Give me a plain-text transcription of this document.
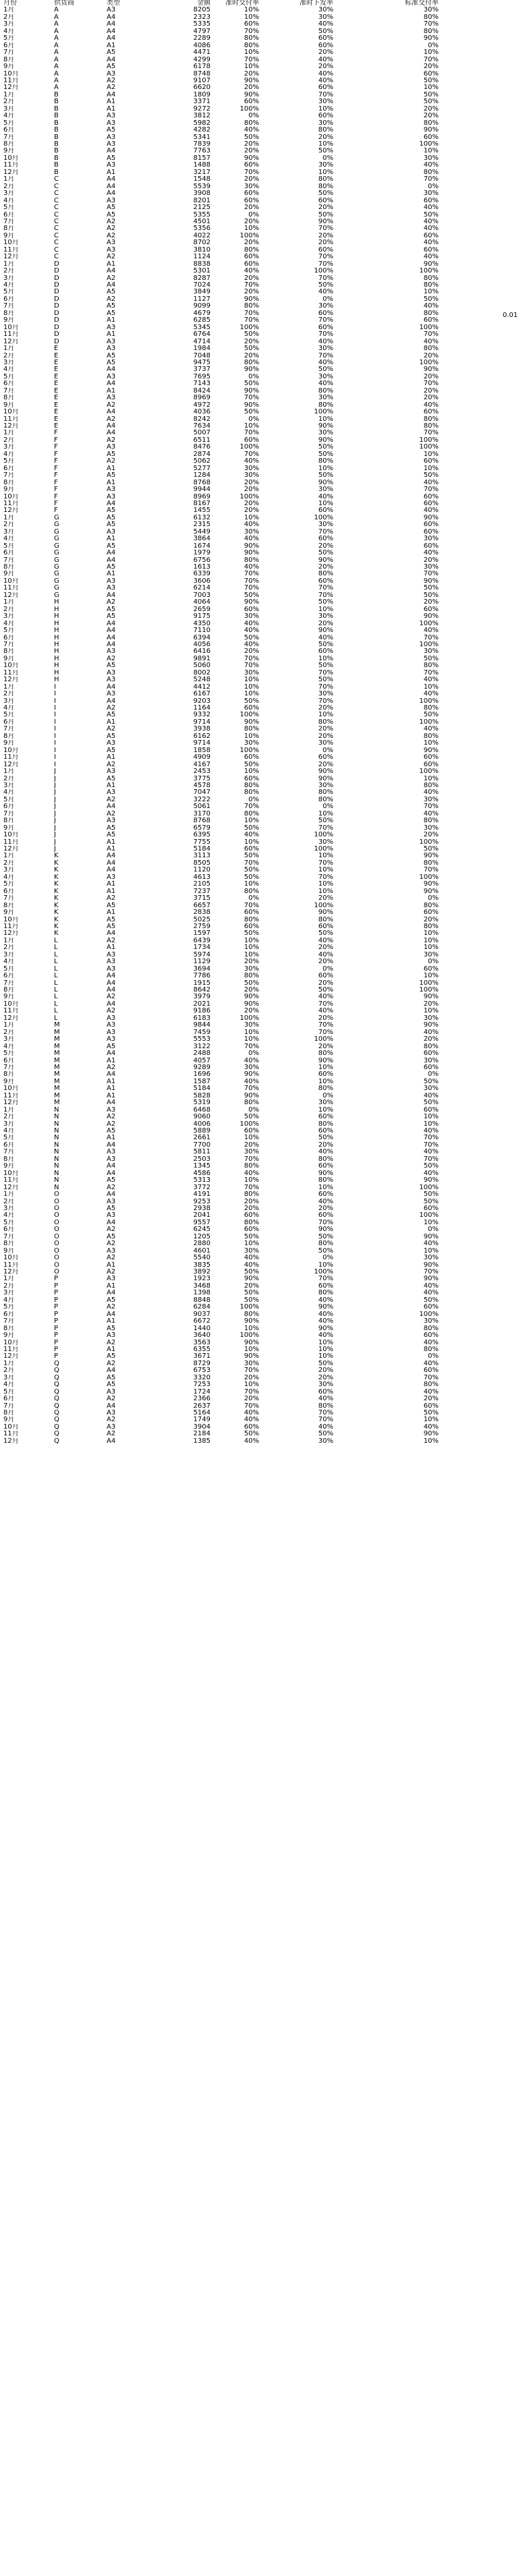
月份	供货商	类型	金额	准时交付率	准时下发率	标准交付率
1月	A	A3	8205	10%	30%	30%
2月	A	A4	2323	10%	30%	80%
3月	A	A4	5335	60%	40%	70%
4月	A	A4	4797	70%	50%	80%
5月	A	A4	2289	80%	60%	90%
6月	A	A1	4086	80%	60%	0%
7月	A	A5	4471	10%	20%	10%
8月	A	A4	4299	70%	40%	70%
9月	A	A5	6178	10%	20%	20%
10月	A	A3	8748	20%	40%	60%
11月	A	A2	9107	90%	40%	50%
12月	A	A2	6620	20%	60%	10%
1月	B	A4	1809	90%	70%	50%
2月	B	A1	3371	60%	30%	50%
3月	B	A1	9272	100%	10%	20%
4月	B	A3	3812	0%	60%	20%
5月	B	A3	5982	80%	30%	80%
6月	B	A5	4282	40%	80%	90%
7月	B	A3	5341	50%	20%	60%
8月	B	A3	7839	20%	10%	100%
9月	B	A4	7763	20%	50%	10%
10月	B	A5	8157	90%	0%	30%
11月	B	A3	1488	60%	30%	40%
12月	B	A1	3217	70%	10%	80%
1月	C	A4	1548	20%	80%	70%
2月	C	A4	5539	30%	80%	0%
3月	C	A4	3908	60%	50%	30%
4月	C	A3	8201	60%	60%	60%
5月	C	A5	2125	20%	20%	40%
6月	C	A5	5355	0%	50%	50%
7月	C	A2	4501	20%	90%	40%
8月	C	A2	5356	10%	70%	40%
9月	C	A2	4022	100%	20%	60%
10月	C	A3	8702	20%	20%	40%
11月	C	A3	3810	80%	60%	60%
12月	C	A2	1124	60%	70%	40%
1月	D	A1	8838	60%	70%	90%
2月	D	A4	5301	40%	100%	100%
3月	D	A2	8287	20%	70%	80%
4月	D	A4	7024	70%	50%	80%
5月	D	A5	3849	20%	40%	10%
6月	D	A2	1127	90%	0%	50%
7月	D	A5	9099	80%	30%	40%
8月	D	A5	4679	70%	60%	80%
9月	D	A1	6285	70%	70%	60%
10月	D	A3	5345	100%	60%	100%
11月	D	A1	6764	50%	70%	70%
12月	D	A3	4714	20%	40%	40%
1月	E	A3	1984	50%	30%	80%
2月	E	A5	7048	20%	70%	20%
3月	E	A5	9475	80%	40%	100%
4月	E	A4	3737	90%	50%	90%
5月	E	A3	7695	0%	30%	20%
6月	E	A4	7143	50%	40%	70%
7月	E	A1	8424	90%	80%	20%
8月	E	A3	8969	70%	30%	20%
9月	E	A2	4972	90%	80%	40%
10月	E	A4	4036	50%	100%	60%
11月	E	A2	8242	0%	10%	80%
12月	E	A4	7634	10%	90%	80%
1月	F	A4	5007	70%	30%	70%
2月	F	A2	6511	60%	90%	100%
3月	F	A3	8476	100%	50%	100%
4月	F	A5	2874	70%	50%	10%
5月	F	A2	5062	40%	80%	60%
6月	F	A1	5277	30%	10%	10%
7月	F	A5	1284	30%	50%	50%
8月	F	A1	8768	20%	90%	40%
9月	F	A3	9944	20%	30%	70%
10月	F	A3	8969	100%	40%	60%
11月	F	A4	8167	20%	10%	60%
12月	F	A5	1455	20%	60%	40%
1月	G	A5	6132	10%	100%	90%
2月	G	A5	2315	40%	30%	60%
3月	G	A3	5449	30%	70%	60%
4月	G	A1	3864	40%	60%	30%
5月	G	A5	1674	90%	20%	60%
6月	G	A4	1979	90%	50%	40%
7月	G	A4	6756	80%	90%	20%
8月	G	A5	1613	40%	20%	30%
9月	G	A1	6339	70%	80%	70%
10月	G	A3	3606	70%	60%	90%
11月	G	A3	6214	70%	70%	50%
12月	G	A4	7003	50%	70%	50%
1月	H	A2	4064	90%	50%	20%
2月	H	A5	2659	60%	10%	60%
3月	H	A5	9175	30%	30%	90%
4月	H	A4	4350	40%	20%	100%
5月	H	A4	7110	40%	90%	40%
6月	H	A4	6394	50%	40%	70%
7月	H	A4	4056	40%	50%	100%
8月	H	A3	6416	20%	60%	30%
9月	H	A2	9891	70%	10%	50%
10月	H	A5	5060	70%	50%	80%
11月	H	A3	8002	30%	70%	70%
12月	H	A3	5248	10%	50%	40%
1月	I	A4	4412	10%	70%	10%
2月	I	A3	6167	10%	30%	40%
3月	I	A4	9203	50%	70%	100%
4月	I	A2	1164	60%	20%	80%
5月	I	A5	9332	100%	10%	50%
6月	I	A1	9714	90%	80%	100%
7月	I	A2	3938	80%	20%	40%
8月	I	A5	6162	10%	20%	80%
9月	I	A3	9714	30%	30%	10%
10月	I	A5	1858	100%	0%	90%
11月	I	A1	4909	60%	60%	60%
12月	I	A2	4167	50%	20%	60%
1月	J	A3	2453	10%	90%	100%
2月	J	A5	3775	60%	90%	10%
3月	J	A1	4578	80%	30%	80%
4月	J	A3	7047	80%	80%	40%
5月	J	A2	3222	0%	80%	30%
6月	J	A4	5061	70%	0%	70%
7月	J	A2	3170	80%	10%	40%
8月	J	A3	8768	10%	50%	80%
9月	J	A5	6579	50%	70%	30%
10月	J	A5	6395	40%	100%	20%
11月	J	A1	7755	10%	30%	100%
12月	J	A1	5184	60%	100%	50%
1月	K	A4	3113	50%	10%	90%
2月	K	A4	8505	70%	70%	80%
3月	K	A4	1120	50%	10%	70%
4月	K	A3	4613	50%	70%	100%
5月	K	A1	2105	10%	10%	90%
6月	K	A1	7237	80%	10%	90%
7月	K	A2	3715	0%	20%	0%
8月	K	A5	6657	70%	100%	80%
9月	K	A1	2838	60%	90%	60%
10月	K	A5	5025	80%	80%	20%
11月	K	A5	2759	60%	60%	80%
12月	K	A4	1597	50%	50%	10%
1月	L	A2	6439	10%	40%	10%
2月	L	A1	1734	10%	20%	10%
3月	L	A3	5974	10%	40%	30%
4月	L	A3	1129	20%	20%	0%
5月	L	A3	3694	30%	0%	60%
6月	L	A4	7786	80%	60%	10%
7月	L	A4	1915	50%	20%	100%
8月	L	A4	8642	20%	50%	100%
9月	L	A2	3979	90%	40%	90%
10月	L	A4	2021	90%	70%	20%
11月	L	A2	9186	20%	40%	10%
12月	L	A3	6183	100%	20%	30%
1月	M	A3	9844	30%	70%	90%
2月	M	A3	7459	10%	70%	40%
3月	M	A3	5553	10%	100%	20%
4月	M	A5	3122	70%	20%	80%
5月	M	A4	2488	0%	80%	60%
6月	M	A1	4057	40%	90%	30%
7月	M	A2	9289	30%	10%	60%
8月	M	A4	1696	90%	60%	0%
9月	M	A1	1587	40%	10%	50%
10月	M	A1	5184	70%	80%	30%
11月	M	A1	5828	90%	0%	40%
12月	M	A4	5319	80%	30%	50%
1月	N	A3	6468	0%	10%	60%
2月	N	A2	9060	50%	60%	10%
3月	N	A2	4006	100%	80%	10%
4月	N	A5	5889	60%	60%	40%
5月	N	A1	2661	10%	50%	70%
6月	N	A4	7700	20%	20%	70%
7月	N	A3	5811	30%	40%	40%
8月	N	A3	2503	70%	80%	70%
9月	N	A4	1345	80%	60%	50%
10月	N	A4	4586	40%	90%	40%
11月	N	A5	5313	10%	80%	90%
12月	N	A2	3772	70%	10%	100%
1月	O	A4	4191	80%	60%	50%
2月	O	A3	9253	20%	40%	50%
3月	O	A5	2938	20%	20%	60%
4月	O	A3	2041	60%	60%	100%
5月	O	A4	9557	80%	70%	10%
6月	O	A2	6245	60%	90%	0%
7月	O	A5	1205	50%	50%	90%
8月	O	A2	2880	10%	80%	40%
9月	O	A3	4601	30%	50%	10%
10月	O	A2	5540	40%	0%	30%
11月	O	A1	3835	40%	10%	90%
12月	O	A2	3892	50%	100%	70%
1月	P	A3	1923	90%	70%	90%
2月	P	A1	3468	20%	60%	40%
3月	P	A4	1398	50%	80%	40%
4月	P	A5	8848	50%	40%	50%
5月	P	A2	6284	100%	90%	60%
6月	P	A4	9037	80%	40%	100%
7月	P	A1	6672	90%	40%	30%
8月	P	A5	1440	10%	90%	80%
9月	P	A3	3640	100%	40%	60%
10月	P	A2	3563	90%	10%	40%
11月	P	A1	6355	10%	10%	80%
12月	P	A5	3671	90%	10%	0%
1月	Q	A2	8729	30%	50%	40%
2月	Q	A4	6753	70%	20%	60%
3月	Q	A5	3320	20%	20%	70%
4月	Q	A5	7253	10%	30%	80%
5月	Q	A3	1724	70%	60%	40%
6月	Q	A2	2366	20%	40%	20%
7月	Q	A4	2637	70%	80%	60%
8月	Q	A3	5164	40%	70%	50%
9月	Q	A2	1749	40%	70%	10%
10月	Q	A3	3904	60%	40%	40%
11月	Q	A2	2184	50%	50%	90%
12月	Q	A4	1385	40%	30%	10%
0.01
